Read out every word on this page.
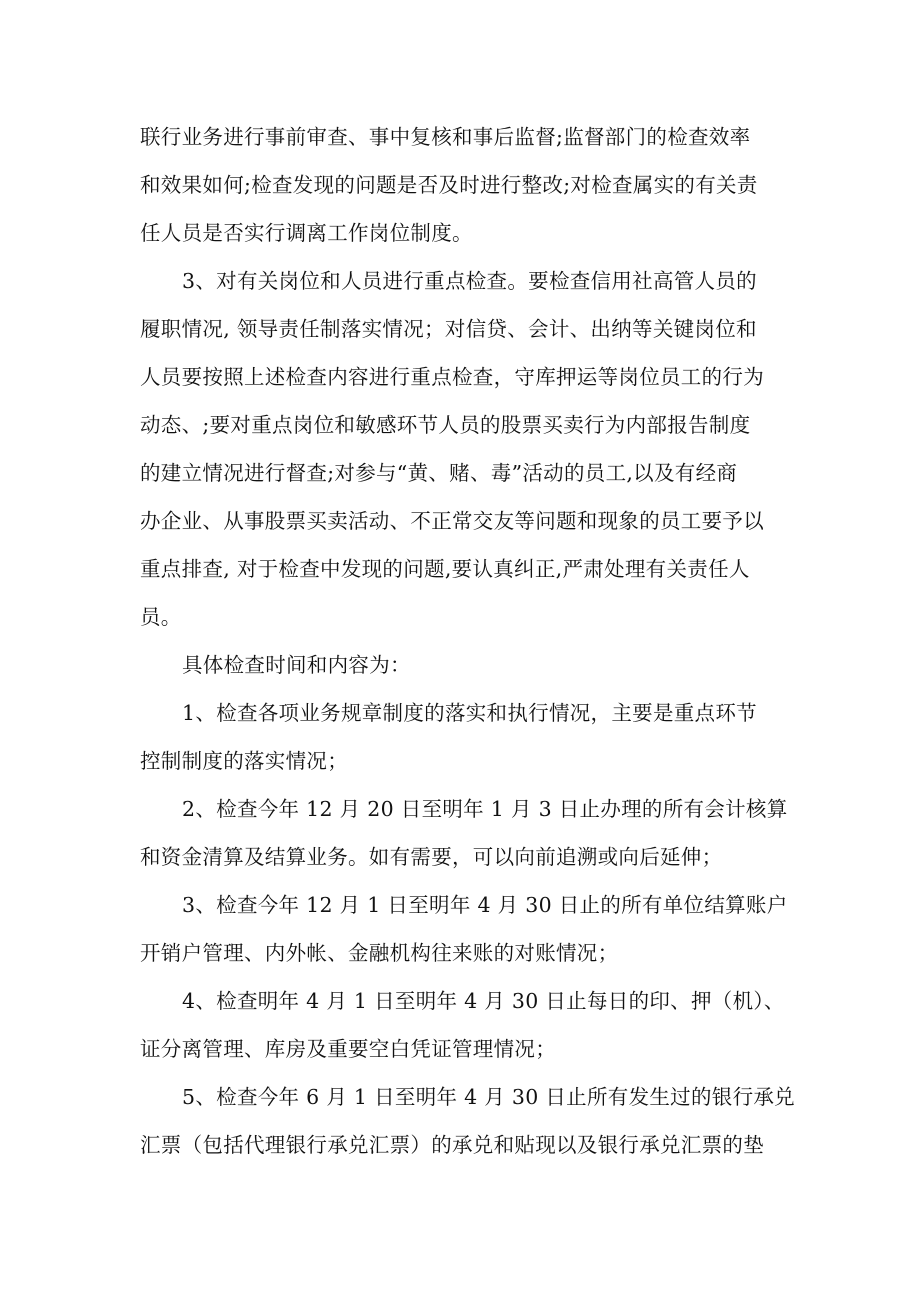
联行业务进行事前审查、事中复核和事后监督;监督部门的检查效率
和效果如何;检查发现的问题是否及时进行整改;对检查属实的有关责
任人员是否实行调离工作岗位制度。
3、对有关岗位和人员进行重点检查。要检查信用社高管人员的
履职情况, 领导责任制落实情况；对信贷、会计、出纳等关键岗位和
人员要按照上述检查内容进行重点检查，守库押运等岗位员工的行为
动态、;要对重点岗位和敏感环节人员的股票买卖行为内部报告制度
的建立情况进行督查;对参与“黄、赌、毒”活动的员工,以及有经商
办企业、从事股票买卖活动、不正常交友等问题和现象的员工要予以
重点排查, 对于检查中发现的问题,要认真纠正,严肃处理有关责任人
员。
具体检查时间和内容为：
1、检查各项业务规章制度的落实和执行情况，主要是重点环节
控制制度的落实情况；
2、检查今年 12 月 20 日至明年 1 月 3 日止办理的所有会计核算
和资金清算及结算业务。如有需要，可以向前追溯或向后延伸；
3、检查今年 12 月 1 日至明年 4 月 30 日止的所有单位结算账户
开销户管理、内外帐、金融机构往来账的对账情况；
4、检查明年 4 月 1 日至明年 4 月 30 日止每日的印、押（机）、
证分离管理、库房及重要空白凭证管理情况；
5、检查今年 6 月 1 日至明年 4 月 30 日止所有发生过的银行承兑
汇票（包括代理银行承兑汇票）的承兑和贴现以及银行承兑汇票的垫
